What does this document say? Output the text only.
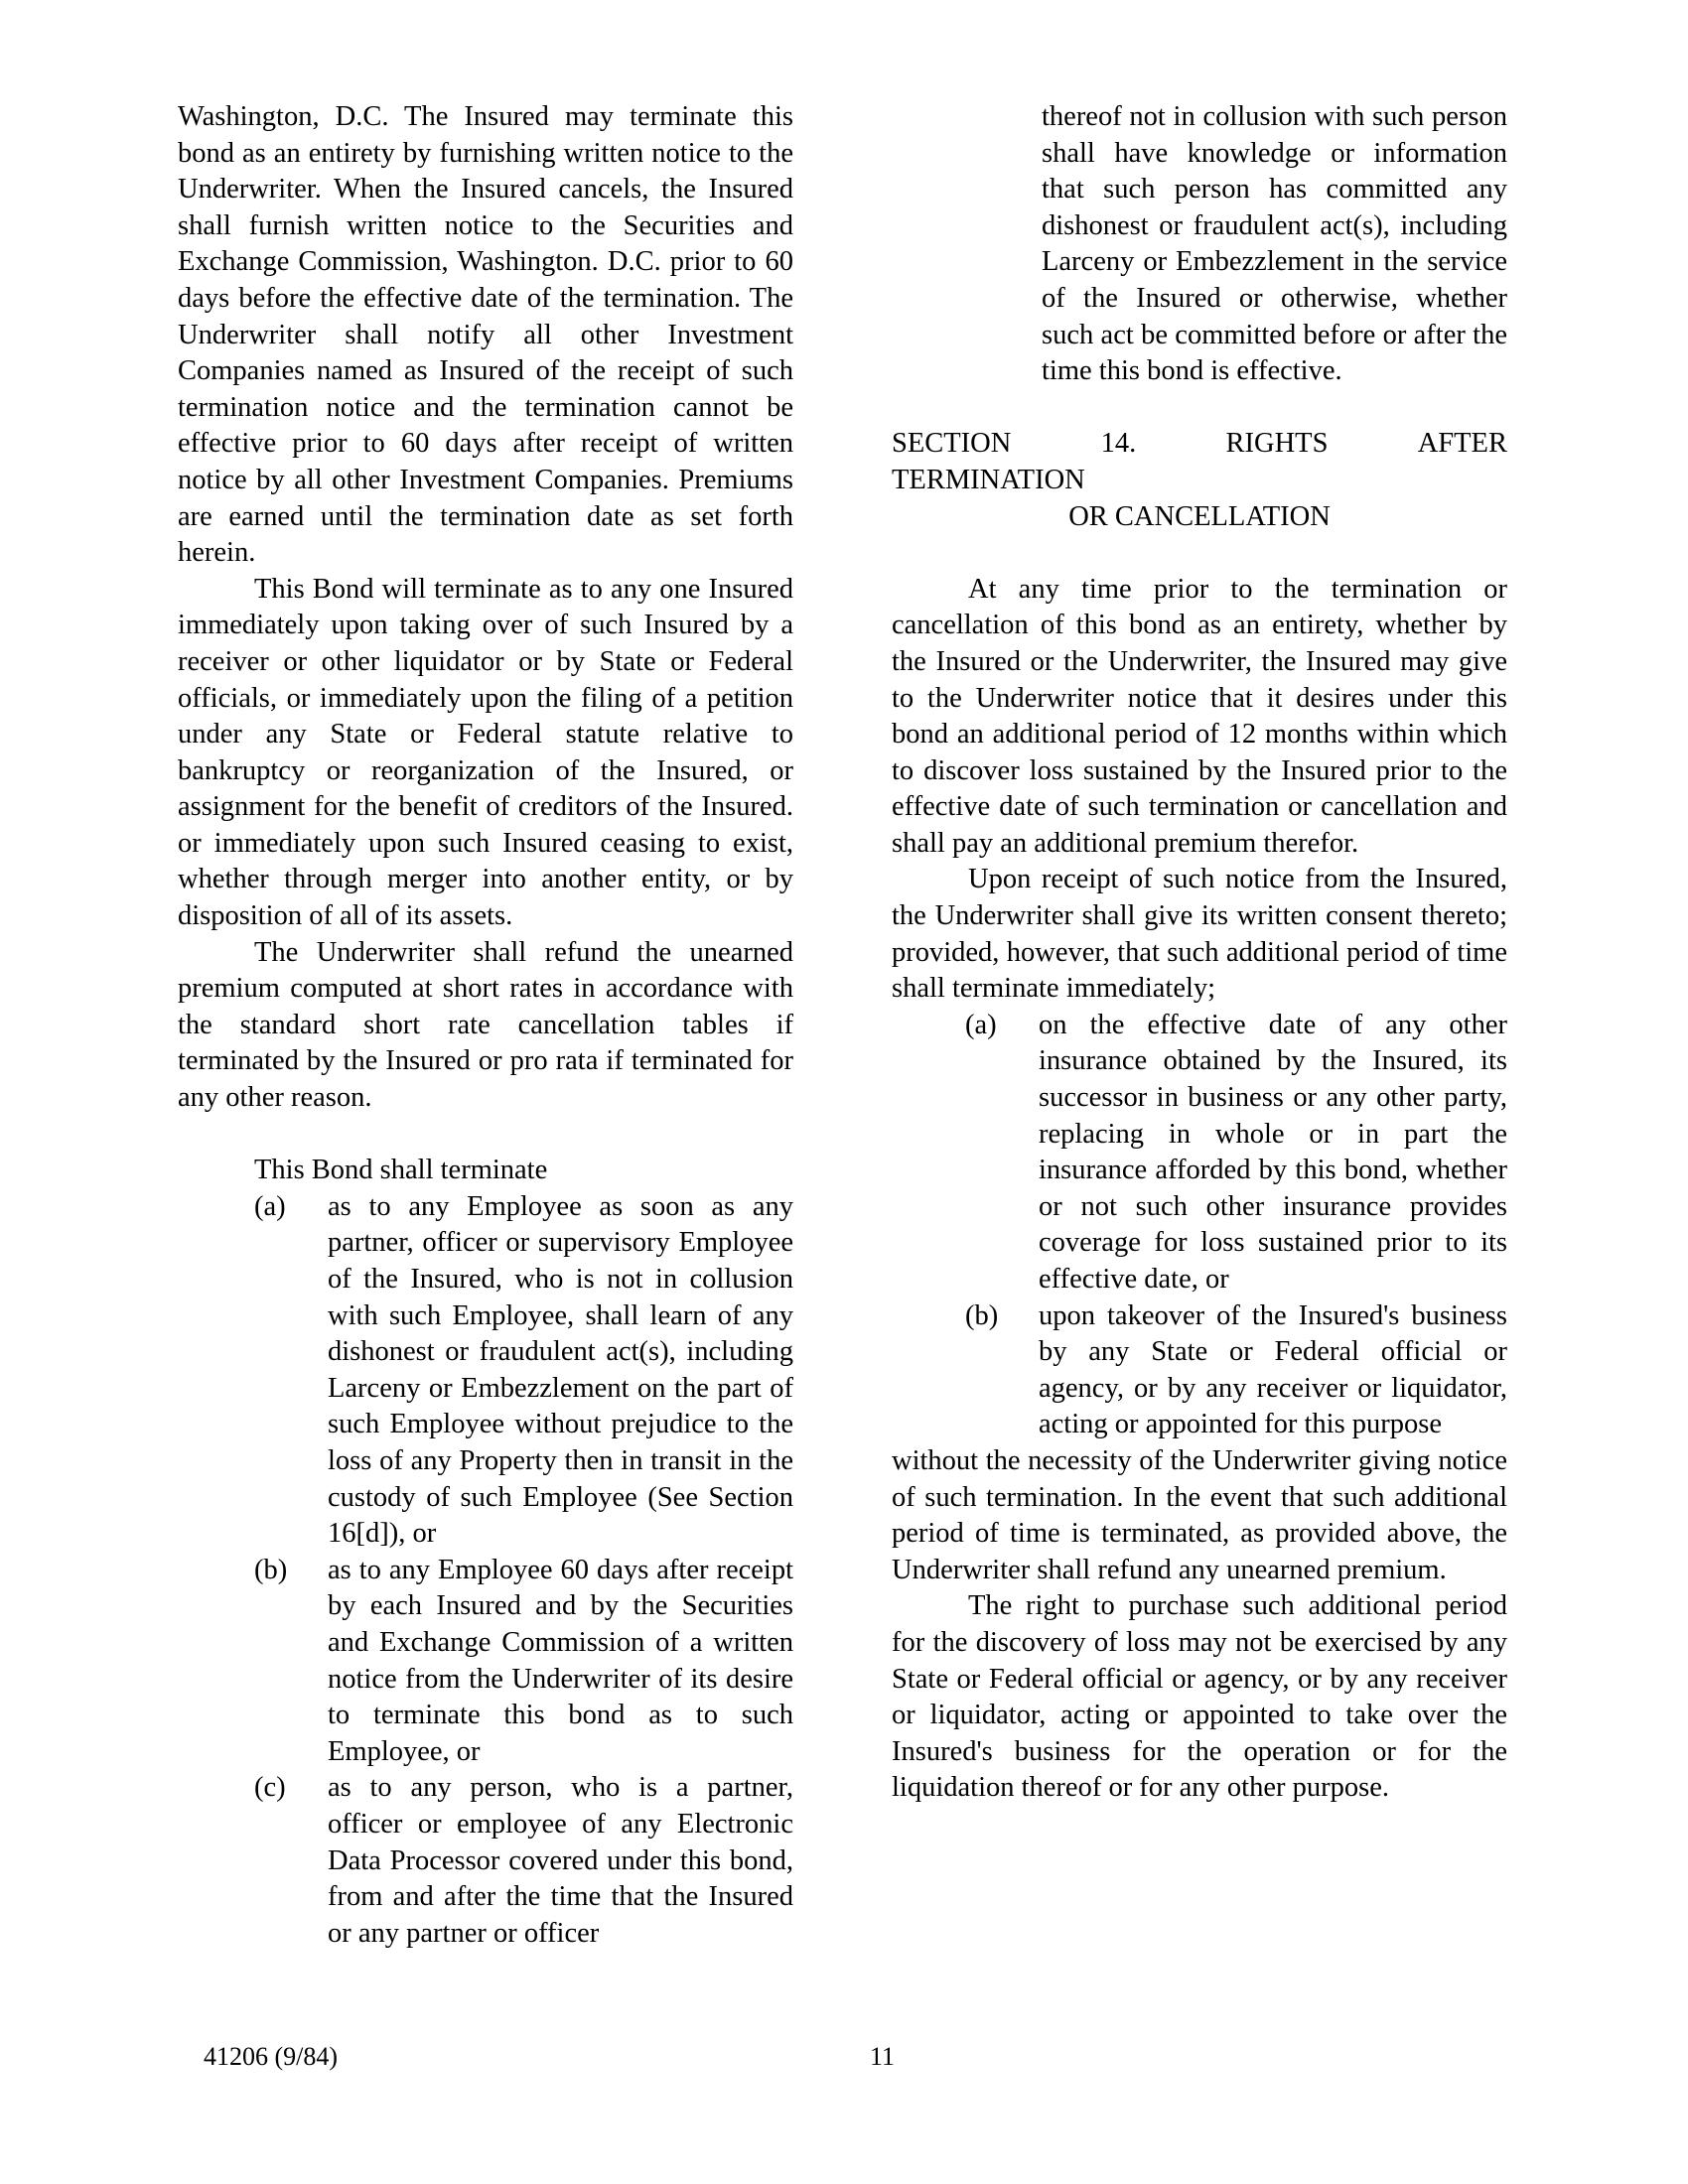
Washington, D.C. The Insured may terminate this bond as an entirety by furnishing written notice to the Underwriter. When the Insured cancels, the Insured shall furnish written notice to the Securities and Exchange Commission, Washington. D.C. prior to 60 days before the effective date of the termination. The Underwriter shall notify all other Investment Companies named as Insured of the receipt of such termination notice and the termination cannot be effective prior to 60 days after receipt of written notice by all other Investment Companies. Premiums are earned until the termination date as set forth herein.

This Bond will terminate as to any one Insured immediately upon taking over of such Insured by a receiver or other liquidator or by State or Federal officials, or immediately upon the filing of a petition under any State or Federal statute relative to bankruptcy or reorganization of the Insured, or assignment for the benefit of creditors of the Insured. or immediately upon such Insured ceasing to exist, whether through merger into another entity, or by disposition of all of its assets.

The Underwriter shall refund the unearned premium computed at short rates in accordance with the standard short rate cancellation tables if terminated by the Insured or pro rata if terminated for any other reason.

This Bond shall terminate

(a)	as to any Employee as soon as any partner, officer or supervisory Employee of the Insured, who is not in collusion with such Employee, shall learn of any dishonest or fraudulent act(s), including Larceny or Embezzlement on the part of such Employee without prejudice to the loss of any Property then in transit in the custody of such Employee (See Section 16[d]), or
(b)	as to any Employee 60 days after receipt by each Insured and by the Securities and Exchange Commission of a written notice from the Underwriter of its desire to terminate this bond as to such Employee, or
(c)	as to any person, who is a partner, officer or employee of any Electronic Data Processor covered under this bond, from and after the time that the Insured or any partner or officer

thereof not in collusion with such person shall have knowledge or information that such person has committed any dishonest or fraudulent act(s), including Larceny or Embezzlement in the service of the Insured or otherwise, whether such act be committed before or after the time this bond is effective.

SECTION	14.	RIGHTS	AFTER
TERMINATION
OR CANCELLATION

At any time prior to the termination or cancellation of this bond as an entirety, whether by the Insured or the Underwriter, the Insured may give to the Underwriter notice that it desires under this bond an additional period of 12 months within which to discover loss sustained by the Insured prior to the effective date of such termination or cancellation and shall pay an additional premium therefor.

Upon receipt of such notice from the Insured, the Underwriter shall give its written consent thereto; provided, however, that such additional period of time shall terminate immediately;

(a)	on the effective date of any other insurance obtained by the Insured, its successor in business or any other party, replacing in whole or in part the insurance afforded by this bond, whether or not such other insurance provides coverage for loss sustained prior to its effective date, or
(b)	upon takeover of the Insured's business by any State or Federal official or agency, or by any receiver or liquidator, acting or appointed for this purpose

without the necessity of the Underwriter giving notice of such termination. In the event that such additional period of time is terminated, as provided above, the Underwriter shall refund any unearned premium.

The right to purchase such additional period for the discovery of loss may not be exercised by any State or Federal official or agency, or by any receiver or liquidator, acting or appointed to take over the Insured's business for the operation or for the liquidation thereof or for any other purpose.

41206 (9/84)	11
